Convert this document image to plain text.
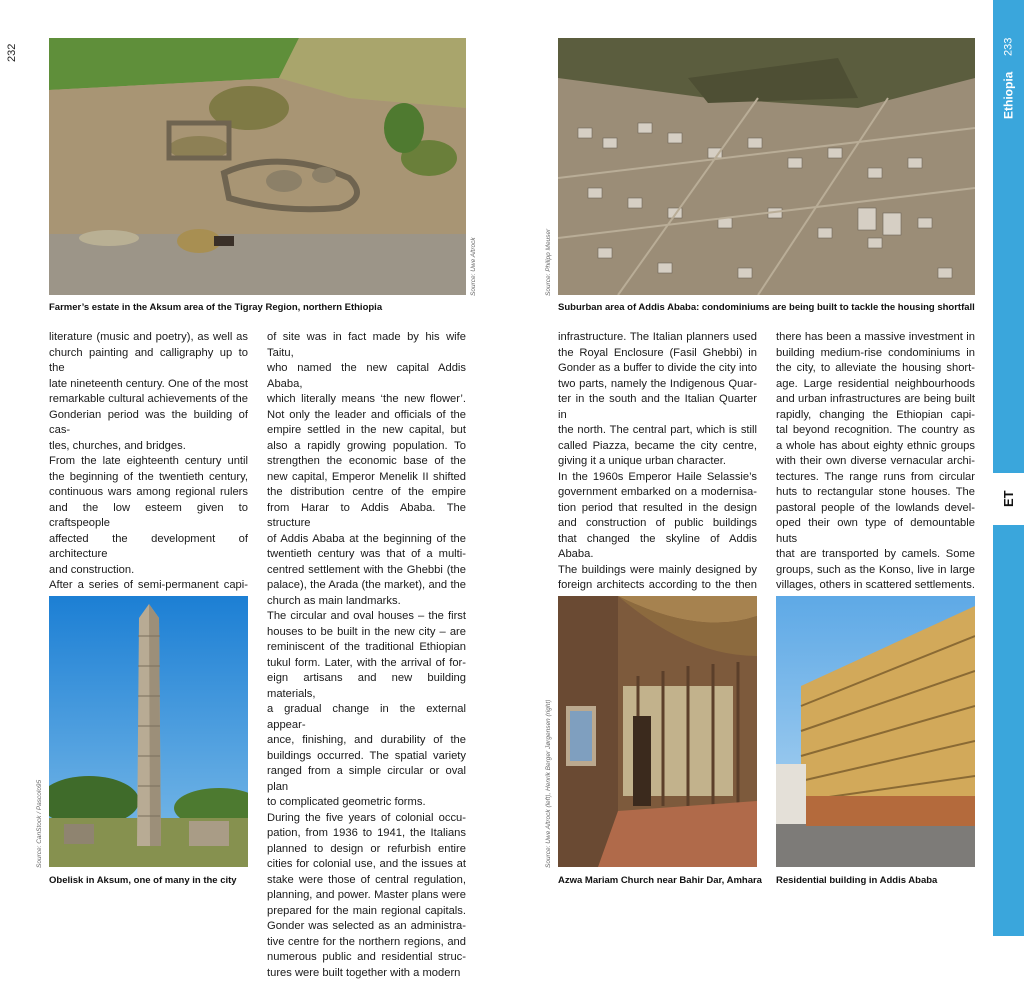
232	233
Ethiopia
ET
Source: Uwe Altrock
Farmer’s estate in the Aksum area of the Tigray Region, northern Ethiopia
Source: Philipp Meuser
Suburban area of Addis Ababa: condominiums are being built to tackle the housing shortfall

literature (music and poetry), as well as
church painting and calligraphy up to the
late nineteenth century. One of the most
remarkable cultural achievements of the
Gonderian period was the building of cas-
tles, churches, and bridges.

From the late eighteenth century until
the beginning of the twentieth century,
continuous wars among regional rulers
and the low esteem given to craftspeople
affected the development of architecture
and construction.

After a series of semi-permanent capi-

of site was in fact made by his wife Taitu,
who named the new capital Addis Ababa,
which literally means ‘the new flower’.
Not only the leader and officials of the
empire settled in the new capital, but
also a rapidly growing population. To
strengthen the economic base of the
new capital, Emperor Menelik II shifted
the distribution centre of the empire
from Harar to Addis Ababa. The structure
of Addis Ababa at the beginning of the
twentieth century was that of a multi-
centred settlement with the Ghebbi (the
palace), the Arada (the market), and the
church as main landmarks.

The circular and oval houses – the first
houses to be built in the new city – are
reminiscent of the traditional Ethiopian
tukul form. Later, with the arrival of for-
eign artisans and new building materials,
a gradual change in the external appear-
ance, finishing, and durability of the
buildings occurred. The spatial variety
ranged from a simple circular or oval plan
to complicated geometric forms.

During the five years of colonial occu-
pation, from 1936 to 1941, the Italians
planned to design or refurbish entire
cities for colonial use, and the issues at
stake were those of central regulation,
planning, and power. Master plans were
prepared for the main regional capitals.
Gonder was selected as an administra-
tive centre for the northern regions, and
numerous public and residential struc-
tures were built together with a modern

infrastructure. The Italian planners used
the Royal Enclosure (Fasil Ghebbi) in
Gonder as a buffer to divide the city into
two parts, namely the Indigenous Quar-
ter in the south and the Italian Quarter in
the north. The central part, which is still
called Piazza, became the city centre,
giving it a unique urban character.

In the 1960s Emperor Haile Selassie’s
government embarked on a modernisa-
tion period that resulted in the design
and construction of public buildings
that changed the skyline of Addis Ababa.
The buildings were mainly designed by
foreign architects according to the then

there has been a massive investment in
building medium-rise condominiums in
the city, to alleviate the housing short-
age. Large residential neighbourhoods
and urban infrastructures are being built
rapidly, changing the Ethiopian capi-
tal beyond recognition. The country as
a whole has about eighty ethnic groups
with their own diverse vernacular archi-
tectures. The range runs from circular
huts to rectangular stone houses. The
pastoral people of the lowlands devel-
oped their own type of demountable huts
that are transported by camels. Some
groups, such as the Konso, live in large
villages, others in scattered settlements.

Source: CanStock / Pascolo95
Obelisk in Aksum, one of many in the city
Source: Uwe Altrock (left), Henrik Berger Jørgensen (right)
Azwa Mariam Church near Bahir Dar, Amhara Residential building in Addis Ababa
